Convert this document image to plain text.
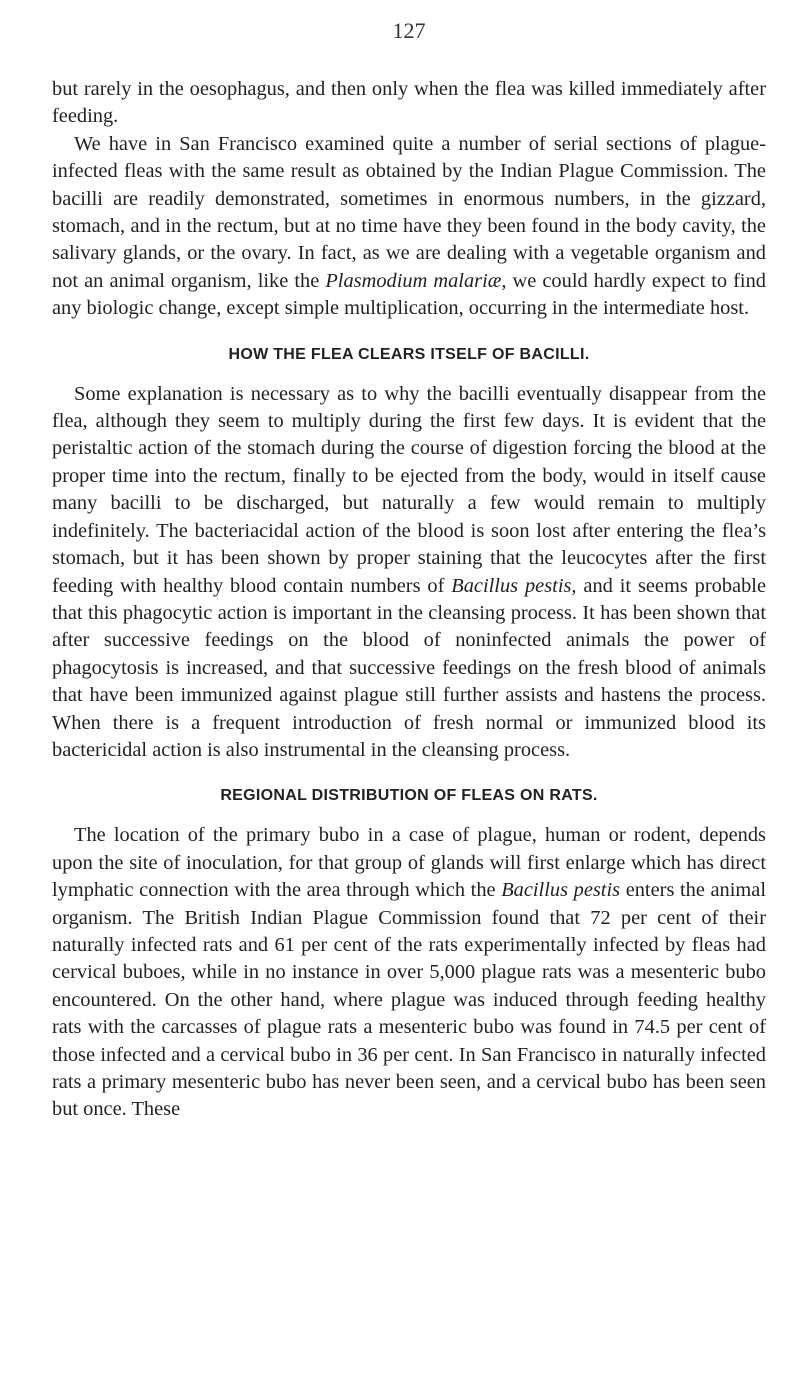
127

but rarely in the oesophagus, and then only when the flea was killed immediately after feeding.

We have in San Francisco examined quite a number of serial sections of plague-infected fleas with the same result as obtained by the Indian Plague Commission. The bacilli are readily demonstrated, sometimes in enormous numbers, in the gizzard, stomach, and in the rectum, but at no time have they been found in the body cavity, the salivary glands, or the ovary. In fact, as we are dealing with a vegetable organism and not an animal organism, like the Plasmodium malariæ, we could hardly expect to find any biologic change, except simple multiplication, occurring in the intermediate host.

HOW THE FLEA CLEARS ITSELF OF BACILLI.

Some explanation is necessary as to why the bacilli eventually disappear from the flea, although they seem to multiply during the first few days. It is evident that the peristaltic action of the stomach during the course of digestion forcing the blood at the proper time into the rectum, finally to be ejected from the body, would in itself cause many bacilli to be discharged, but naturally a few would remain to multiply indefinitely. The bacteriacidal action of the blood is soon lost after entering the flea’s stomach, but it has been shown by proper staining that the leucocytes after the first feeding with healthy blood contain numbers of Bacillus pestis, and it seems probable that this phagocytic action is important in the cleansing process. It has been shown that after successive feedings on the blood of noninfected animals the power of phagocytosis is increased, and that successive feedings on the fresh blood of animals that have been immunized against plague still further assists and hastens the process. When there is a frequent introduction of fresh normal or immunized blood its bactericidal action is also instrumental in the cleansing process.

REGIONAL DISTRIBUTION OF FLEAS ON RATS.

The location of the primary bubo in a case of plague, human or rodent, depends upon the site of inoculation, for that group of glands will first enlarge which has direct lymphatic connection with the area through which the Bacillus pestis enters the animal organism. The British Indian Plague Commission found that 72 per cent of their naturally infected rats and 61 per cent of the rats experimentally infected by fleas had cervical buboes, while in no instance in over 5,000 plague rats was a mesenteric bubo encountered. On the other hand, where plague was induced through feeding healthy rats with the carcasses of plague rats a mesenteric bubo was found in 74.5 per cent of those infected and a cervical bubo in 36 per cent. In San Francisco in naturally infected rats a primary mesenteric bubo has never been seen, and a cervical bubo has been seen but once. These
